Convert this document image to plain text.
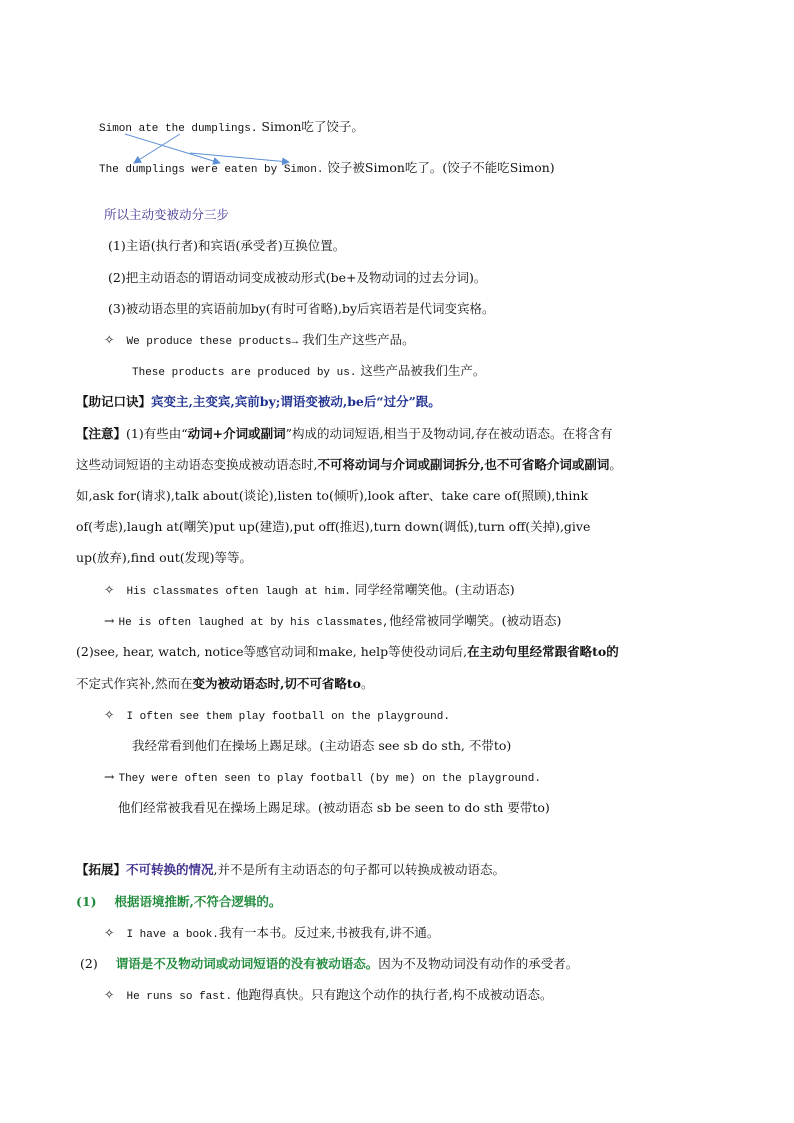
Simon ate the dumplings. Simon吃了饺子。
The dumplings were eaten by Simon. 饺子被Simon吃了。(饺子不能吃Simon)
所以主动变被动分三步
(1)主语(执行者)和宾语(承受者)互换位置。
(2)把主动语态的谓语动词变成被动形式(be+及物动词的过去分词)。
(3)被动语态里的宾语前加by(有时可省略),by后宾语若是代词变宾格。
✧ We produce these products→ 我们生产这些产品。
These products are produced by us. 这些产品被我们生产。
【助记口诀】宾变主,主变宾,宾前by;谓语变被动,be后“过分”跟。
【注意】(1)有些由“动词+介词或副词”构成的动词短语,相当于及物动词,存在被动语态。在将含有
这些动词短语的主动语态变换成被动语态时,不可将动词与介词或副词拆分,也不可省略介词或副词。
如,ask for(请求),talk about(谈论),listen to(倾听),look after、take care of(照顾),think
of(考虑),laugh at(嘲笑)put up(建造),put off(推迟),turn down(调低),turn off(关掉),give
up(放弃),find out(发现)等等。
✧ His classmates often laugh at him. 同学经常嘲笑他。(主动语态)
→ He is often laughed at by his classmates,他经常被同学嘲笑。(被动语态)
(2)see, hear, watch, notice等感官动词和make, help等使役动词后,在主动句里经常跟省略to的
不定式作宾补,然而在变为被动语态时,切不可省略to。
✧ I often see them play football on the playground.
我经常看到他们在操场上踢足球。(主动语态 see sb do sth, 不带to)
→ They were often seen to play football (by me) on the playground.
他们经常被我看见在操场上踢足球。(被动语态 sb be seen to do sth 要带to)
【拓展】不可转换的情况,并不是所有主动语态的句子都可以转换成被动语态。
(1) 根据语境推断,不符合逻辑的。
✧ I have a book.我有一本书。反过来,书被我有,讲不通。
(2) 谓语是不及物动词或动词短语的没有被动语态。因为不及物动词没有动作的承受者。
✧ He runs so fast. 他跑得真快。只有跑这个动作的执行者,构不成被动语态。
